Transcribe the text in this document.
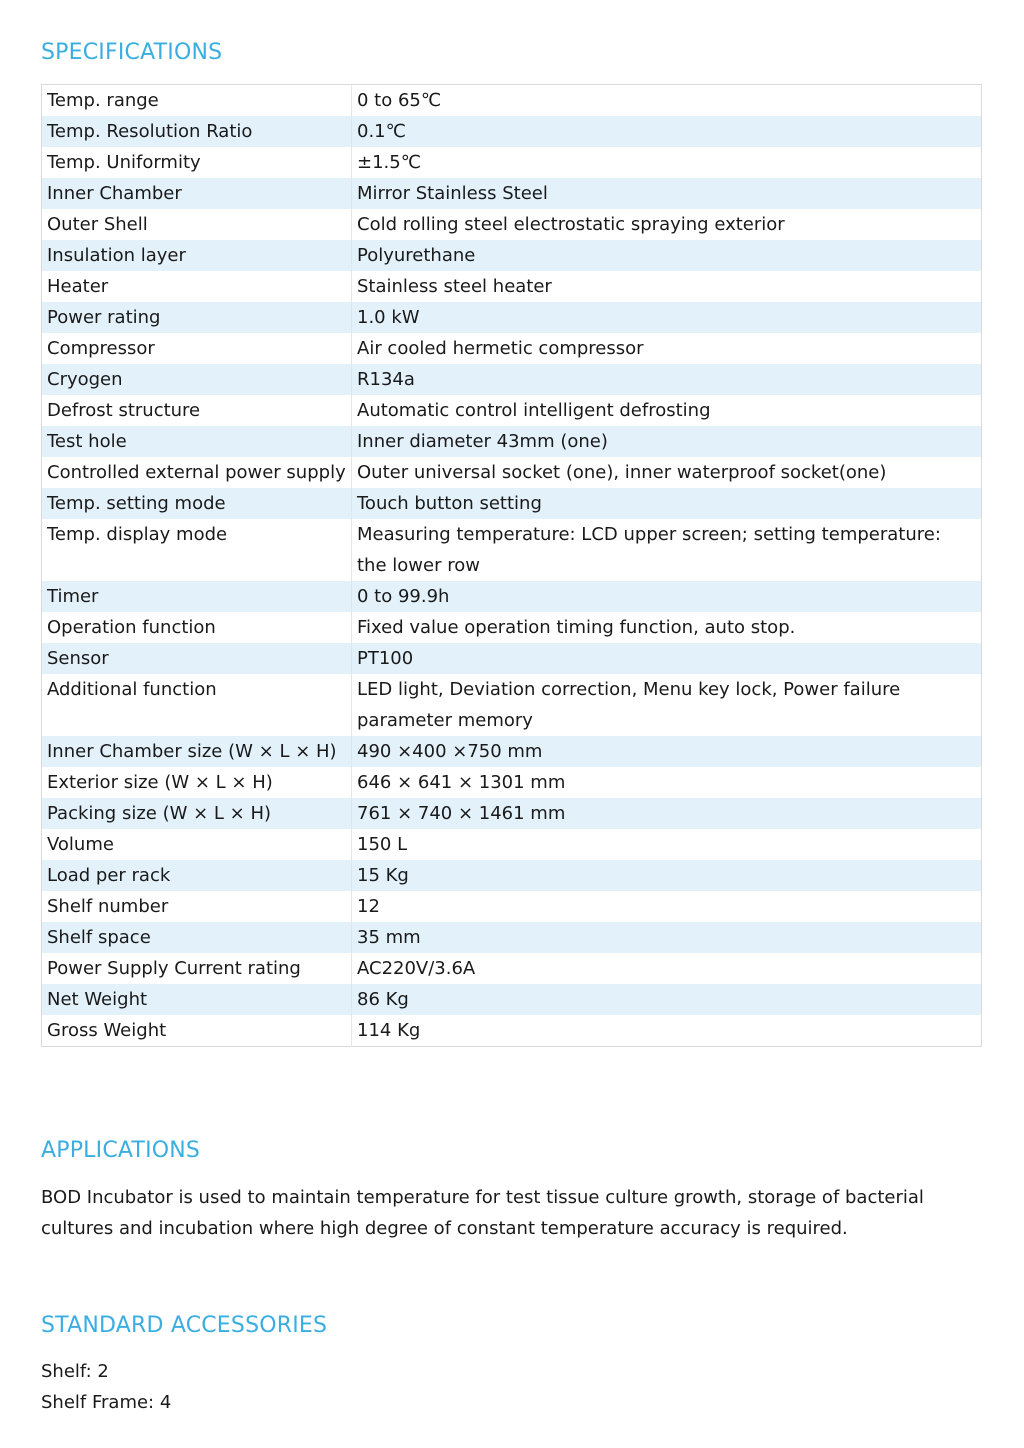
SPECIFICATIONS
Temp. range	0 to 65℃
Temp. Resolution Ratio	0.1℃
Temp. Uniformity	±1.5℃
Inner Chamber	Mirror Stainless Steel
Outer Shell	Cold rolling steel electrostatic spraying exterior
Insulation layer	Polyurethane
Heater	Stainless steel heater
Power rating	1.0 kW
Compressor	Air cooled hermetic compressor
Cryogen	R134a
Defrost structure	Automatic control intelligent defrosting
Test hole	Inner diameter 43mm (one)
Controlled external power supply	Outer universal socket (one), inner waterproof socket(one)
Temp. setting mode	Touch button setting
Temp. display mode	Measuring temperature: LCD upper screen; setting temperature: the lower row
Timer	0 to 99.9h
Operation function	Fixed value operation timing function, auto stop.
Sensor	PT100
Additional function	LED light, Deviation correction, Menu key lock, Power failure parameter memory
Inner Chamber size (W × L × H)	490 ×400 ×750 mm
Exterior size (W × L × H)	646 × 641 × 1301 mm
Packing size (W × L × H)	761 × 740 × 1461 mm
Volume	150 L
Load per rack	15 Kg
Shelf number	12
Shelf space	35 mm
Power Supply Current rating	AC220V/3.6A
Net Weight	86 Kg
Gross Weight	114 Kg
APPLICATIONS

BOD Incubator is used to maintain temperature for test tissue culture growth, storage of bacterial cultures and incubation where high degree of constant temperature accuracy is required.

STANDARD ACCESSORIES
Shelf: 2
Shelf Frame: 4
